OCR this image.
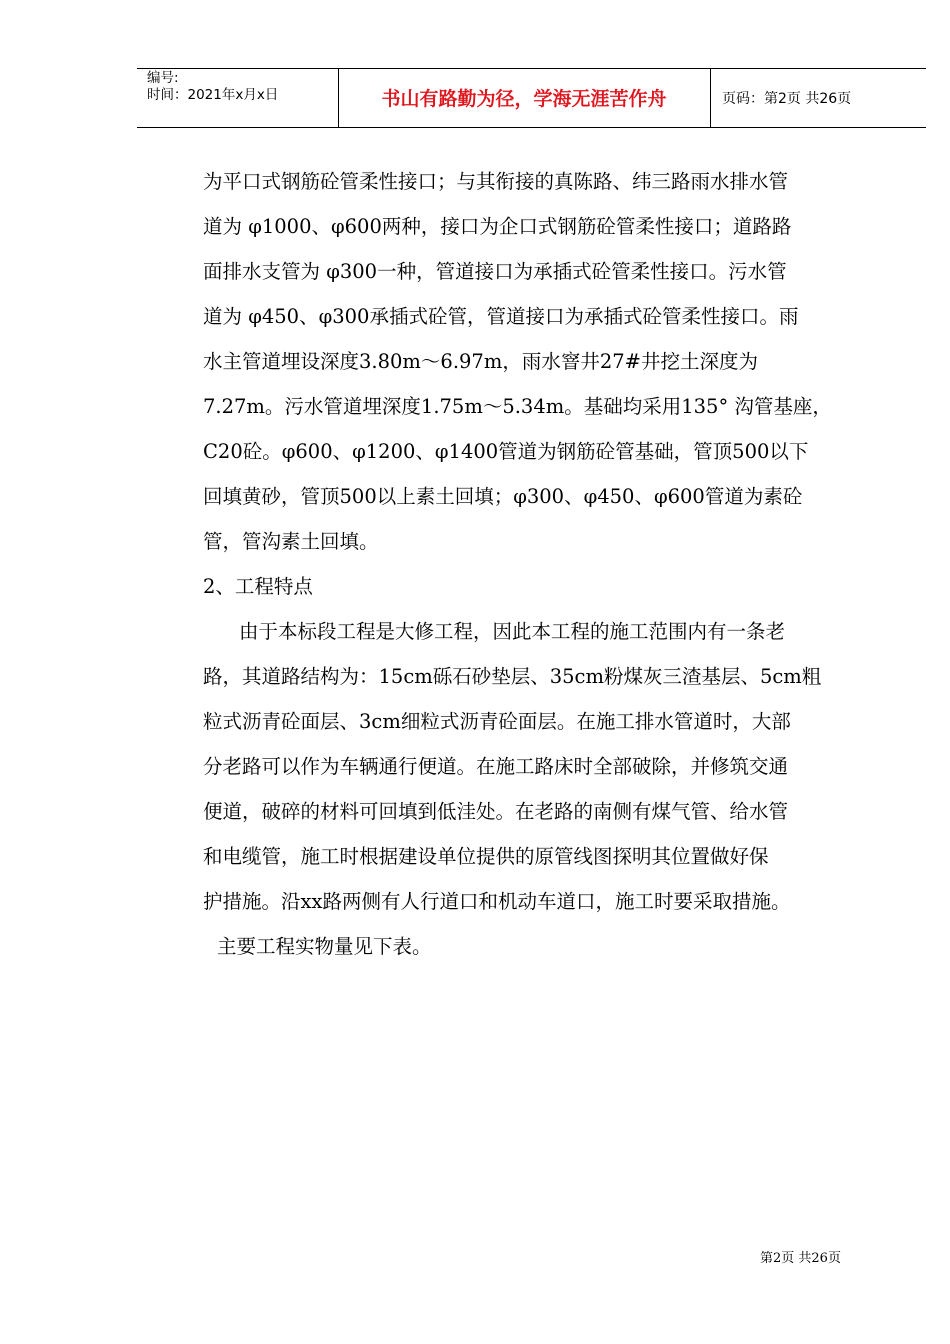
编号:
时间：2021年x月x日	书山有路勤为径，学海无涯苦作舟	页码：第2页 共26页
为平口式钢筋砼管柔性接口；与其衔接的真陈路、纬三路雨水排水管
道为 φ1000、φ600两种，接口为企口式钢筋砼管柔性接口；道路路
面排水支管为 φ300一种，管道接口为承插式砼管柔性接口。污水管
道为 φ450、φ300承插式砼管，管道接口为承插式砼管柔性接口。雨
水主管道埋设深度3.80m～6.97m，雨水窨井27#井挖土深度为
7.27m。污水管道埋深度1.75m～5.34m。基础均采用135° 沟管基座，
C20砼。φ600、φ1200、φ1400管道为钢筋砼管基础，管顶500以下
回填黄砂，管顶500以上素土回填；φ300、φ450、φ600管道为素砼
管，管沟素土回填。
2、工程特点
由于本标段工程是大修工程，因此本工程的施工范围内有一条老
路，其道路结构为：15cm砾石砂垫层、35cm粉煤灰三渣基层、5cm粗
粒式沥青砼面层、3cm细粒式沥青砼面层。在施工排水管道时，大部
分老路可以作为车辆通行便道。在施工路床时全部破除，并修筑交通
便道，破碎的材料可回填到低洼处。在老路的南侧有煤气管、给水管
和电缆管，施工时根据建设单位提供的原管线图探明其位置做好保
护措施。沿xx路两侧有人行道口和机动车道口，施工时要采取措施。
主要工程实物量见下表。
第2页 共26页
